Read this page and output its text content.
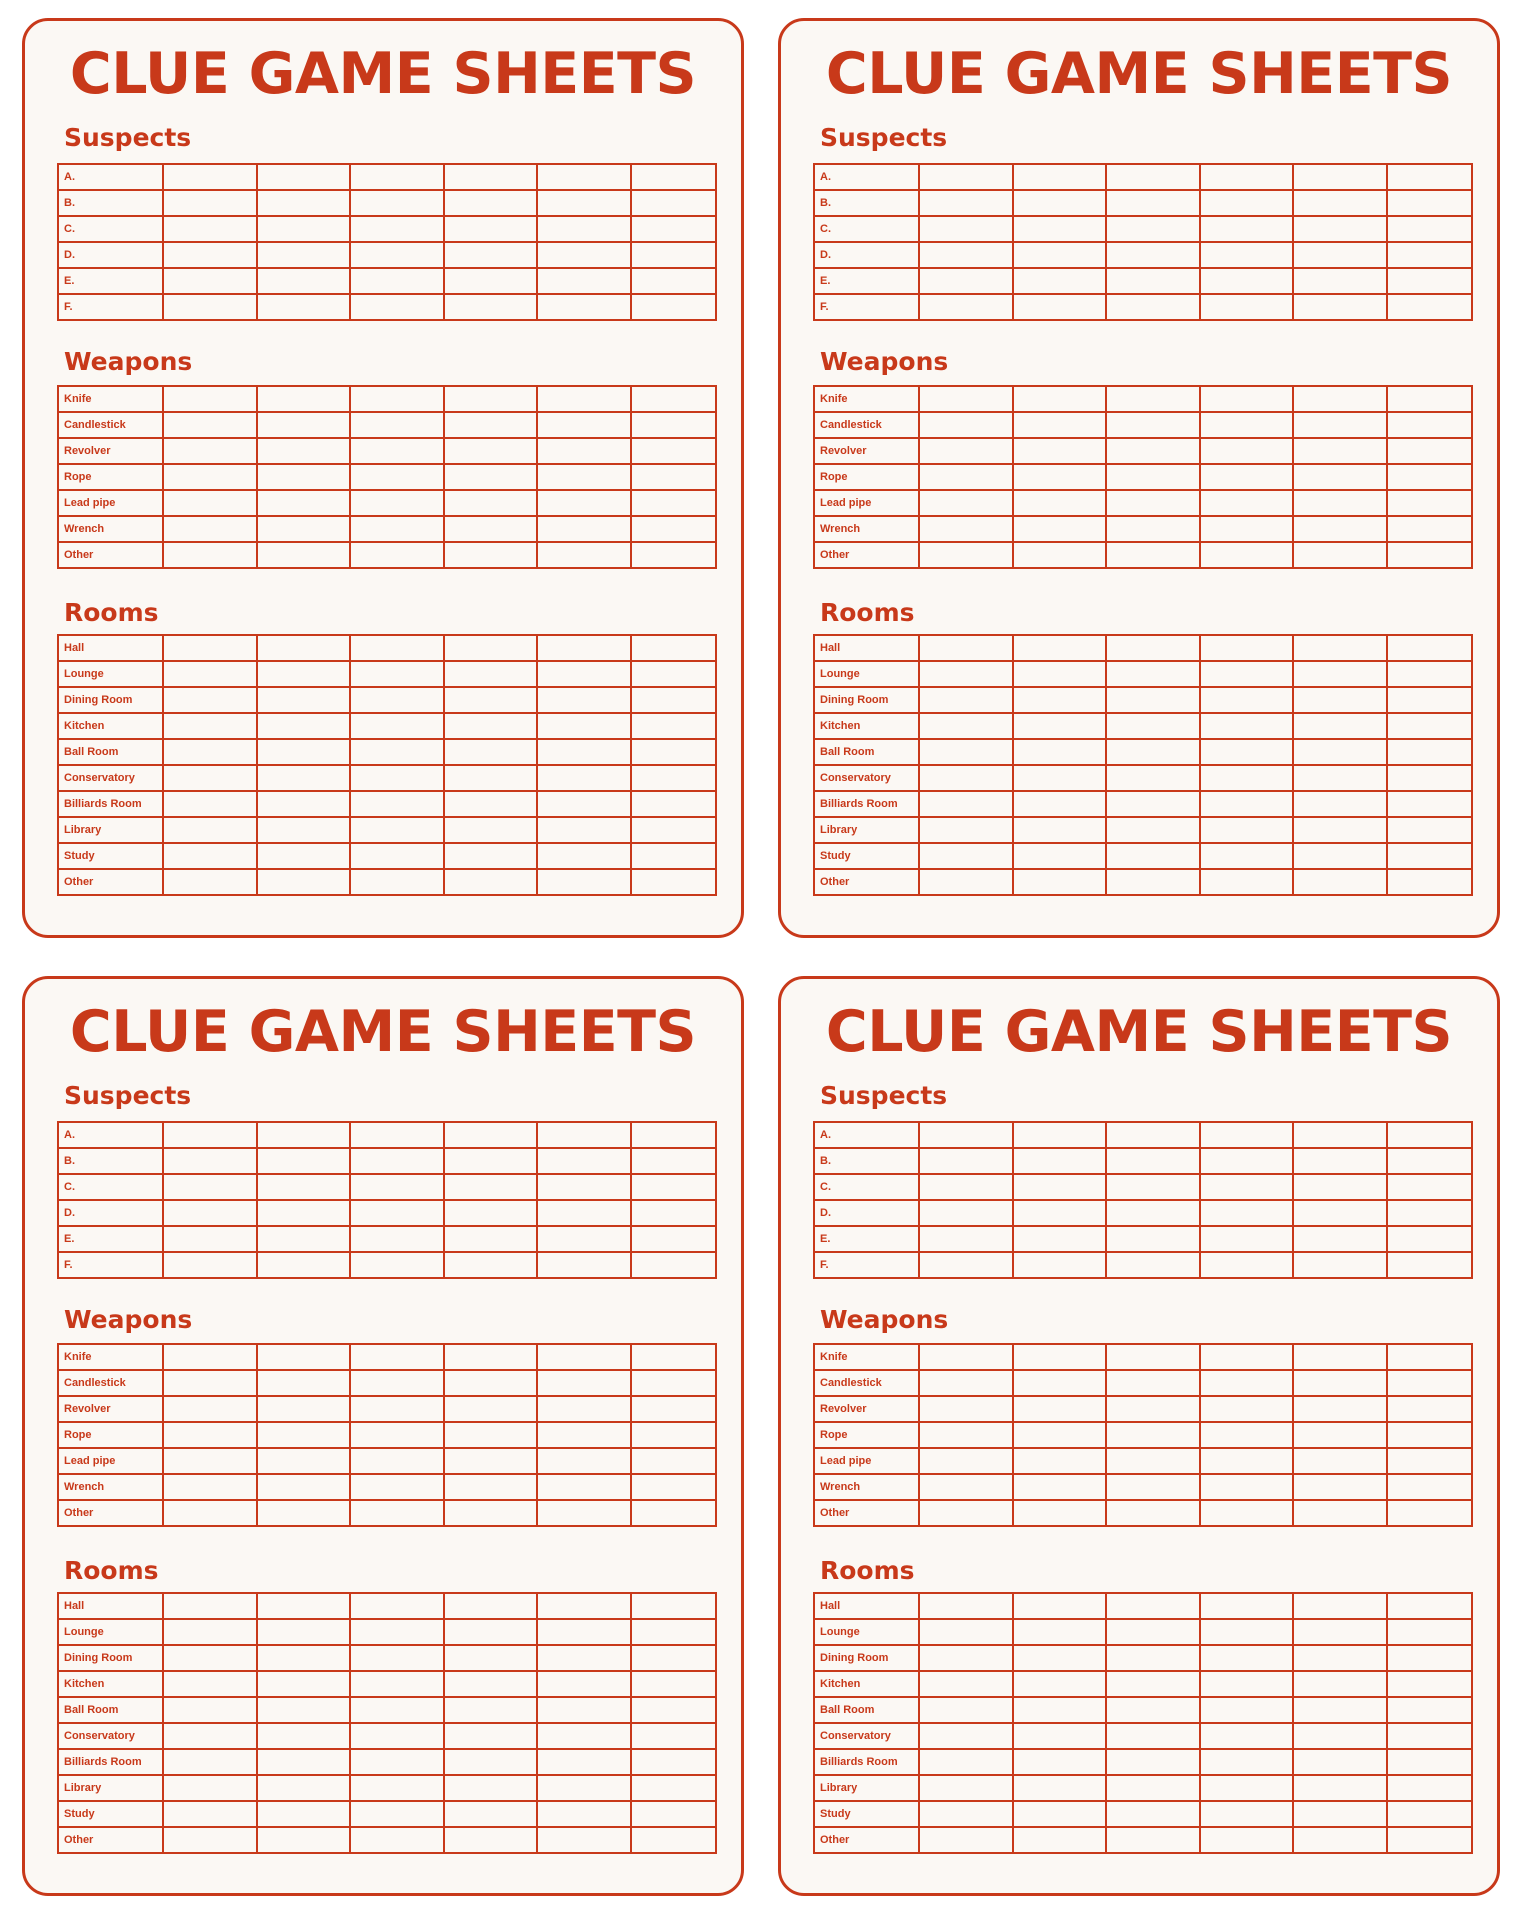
CLUE GAME SHEETS
Suspects
A.						
B.						
C.						
D.						
E.						
F.						
Weapons
Knife						
Candlestick						
Revolver						
Rope						
Lead pipe						
Wrench						
Other						
Rooms
Hall						
Lounge						
Dining Room						
Kitchen						
Ball Room						
Conservatory						
Billiards Room						
Library						
Study						
Other						
CLUE GAME SHEETS
Suspects
A.						
B.						
C.						
D.						
E.						
F.						
Weapons
Knife						
Candlestick						
Revolver						
Rope						
Lead pipe						
Wrench						
Other						
Rooms
Hall						
Lounge						
Dining Room						
Kitchen						
Ball Room						
Conservatory						
Billiards Room						
Library						
Study						
Other						
CLUE GAME SHEETS
Suspects
A.						
B.						
C.						
D.						
E.						
F.						
Weapons
Knife						
Candlestick						
Revolver						
Rope						
Lead pipe						
Wrench						
Other						
Rooms
Hall						
Lounge						
Dining Room						
Kitchen						
Ball Room						
Conservatory						
Billiards Room						
Library						
Study						
Other						
CLUE GAME SHEETS
Suspects
A.						
B.						
C.						
D.						
E.						
F.						
Weapons
Knife						
Candlestick						
Revolver						
Rope						
Lead pipe						
Wrench						
Other						
Rooms
Hall						
Lounge						
Dining Room						
Kitchen						
Ball Room						
Conservatory						
Billiards Room						
Library						
Study						
Other						
